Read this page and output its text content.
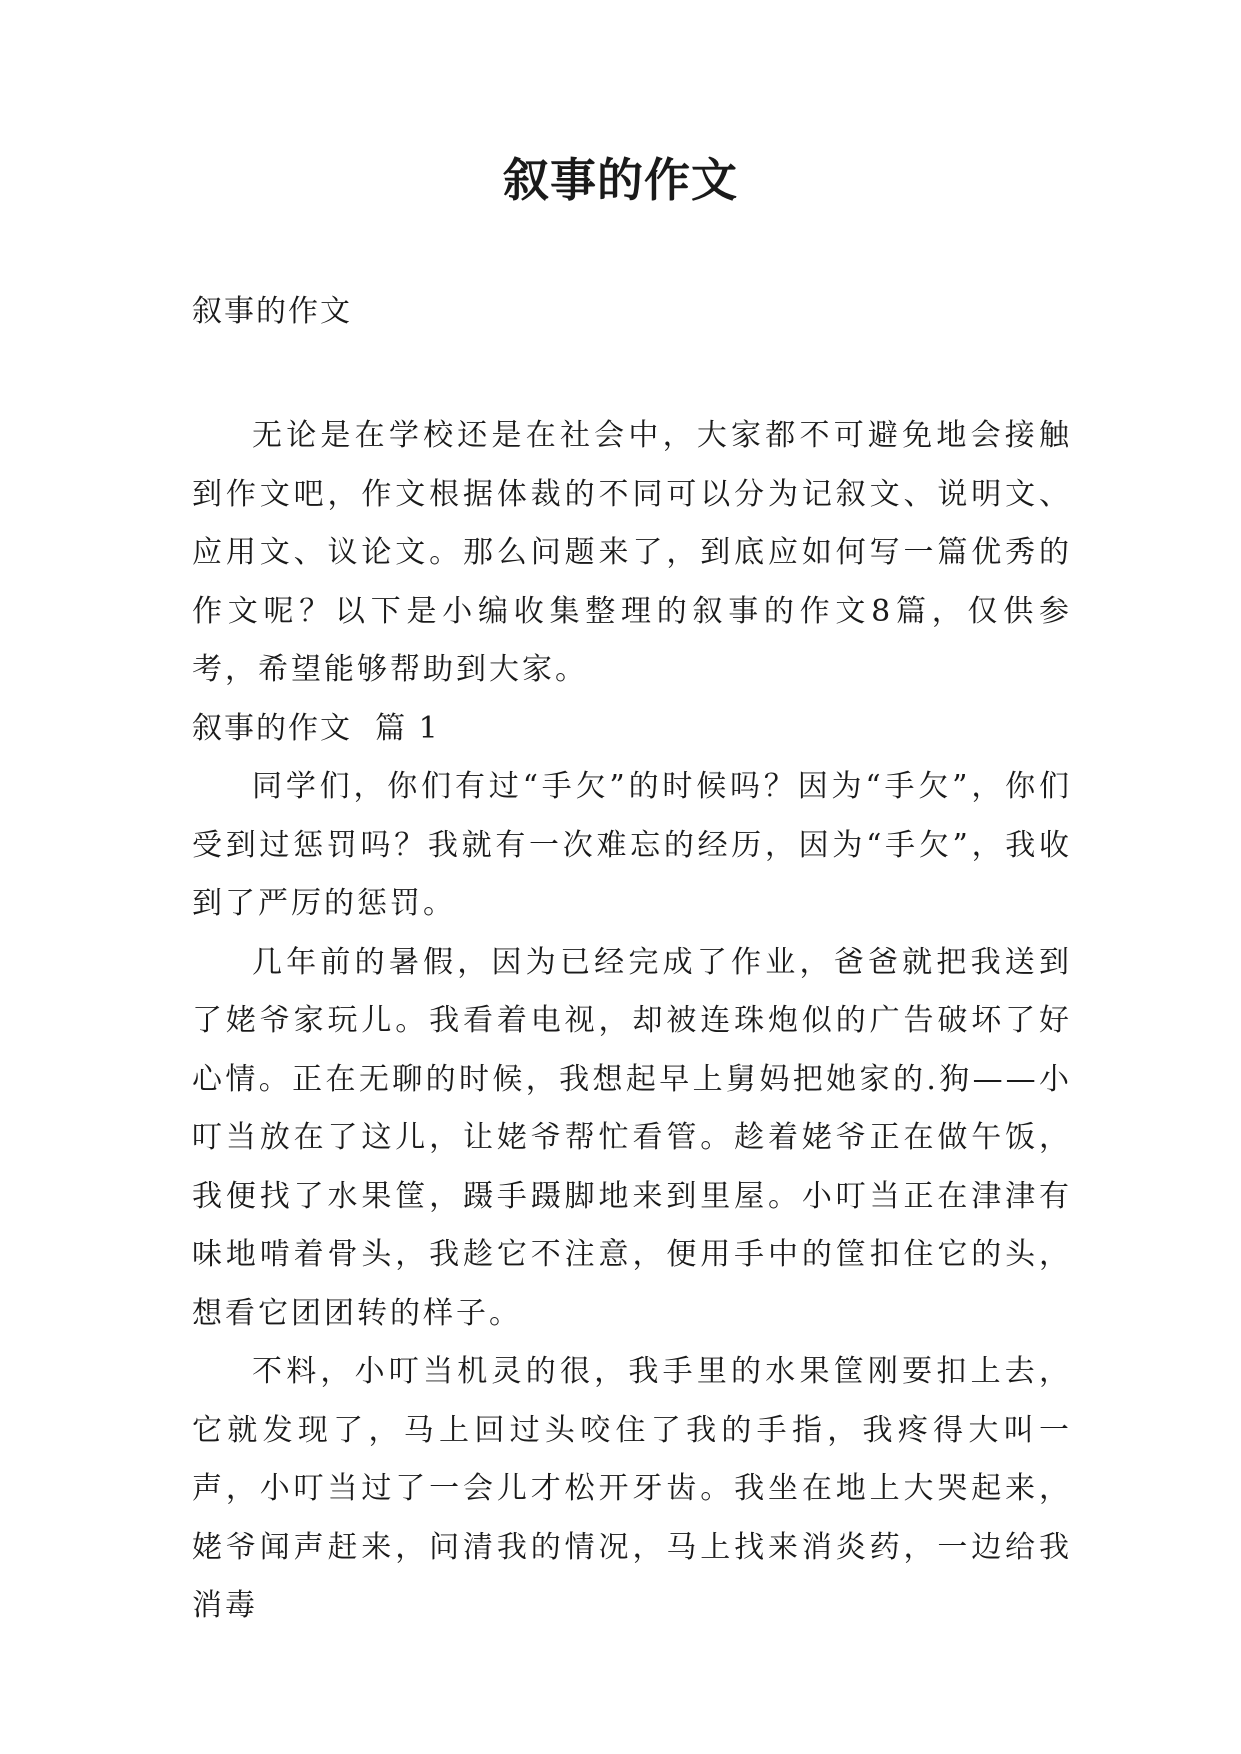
叙事的作文

叙事的作文

无论是在学校还是在社会中，大家都不可避免地会接触到作文吧，作文根据体裁的不同可以分为记叙文、说明文、应用文、议论文。那么问题来了，到底应如何写一篇优秀的作文呢？以下是小编收集整理的叙事的作文8篇，仅供参考，希望能够帮助到大家。

叙事的作文  篇 1

同学们，你们有过“手欠”的时候吗？因为“手欠”，你们受到过惩罚吗？我就有一次难忘的经历，因为“手欠”，我收到了严厉的惩罚。

几年前的暑假，因为已经完成了作业，爸爸就把我送到了姥爷家玩儿。我看着电视，却被连珠炮似的广告破坏了好心情。正在无聊的时候，我想起早上舅妈把她家的.狗——小叮当放在了这儿，让姥爷帮忙看管。趁着姥爷正在做午饭，我便找了水果筐，蹑手蹑脚地来到里屋。小叮当正在津津有味地啃着骨头，我趁它不注意，便用手中的筐扣住它的头，想看它团团转的样子。

不料，小叮当机灵的很，我手里的水果筐刚要扣上去，它就发现了，马上回过头咬住了我的手指，我疼得大叫一声，小叮当过了一会儿才松开牙齿。我坐在地上大哭起来，姥爷闻声赶来，问清我的情况，马上找来消炎药，一边给我消毒
